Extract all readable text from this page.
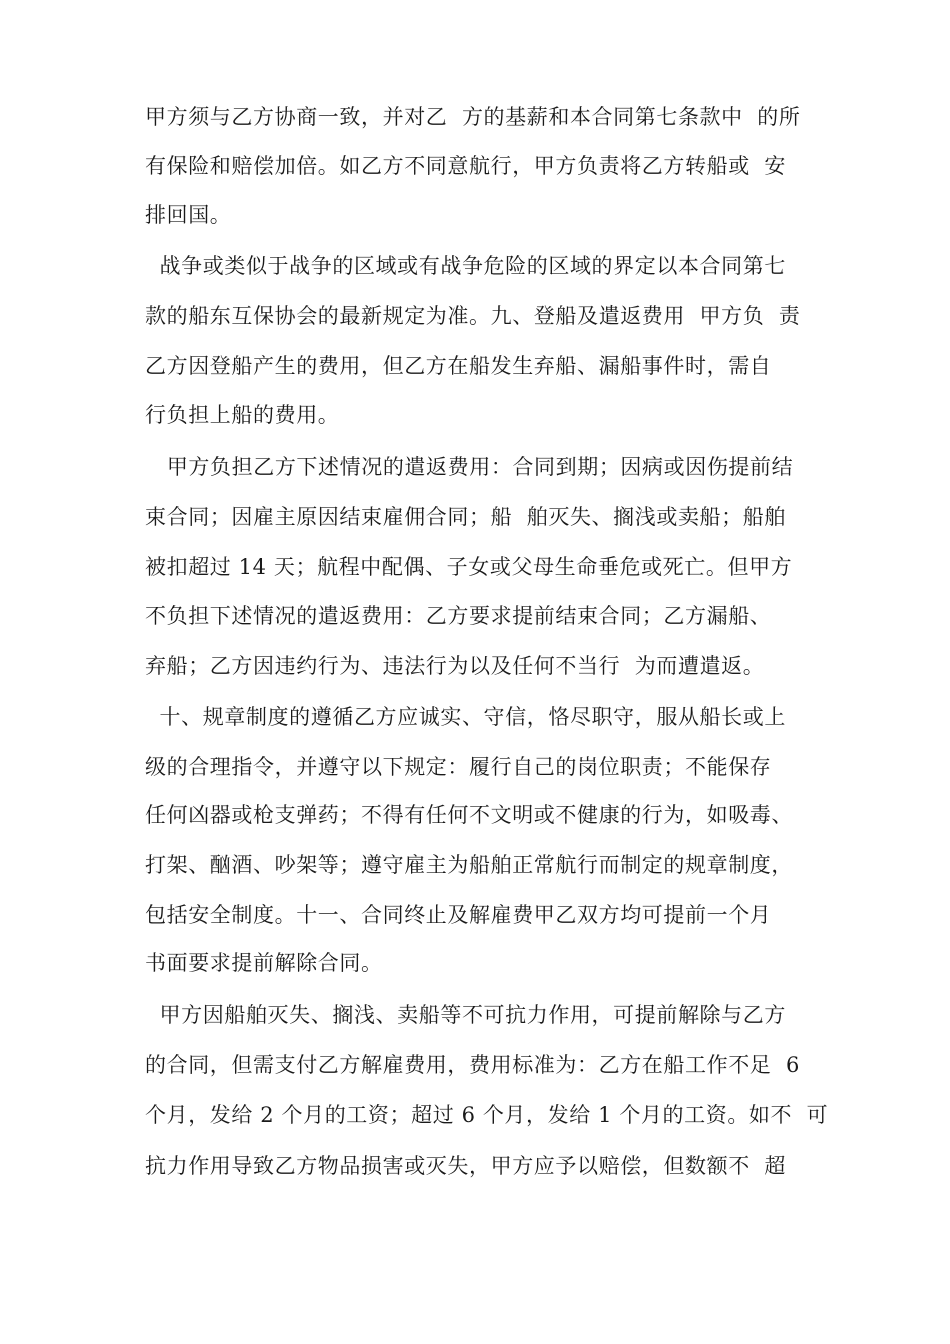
甲方须与乙方协商一致，并对乙  方的基薪和本合同第七条款中  的所

有保险和赔偿加倍。如乙方不同意航行，甲方负责将乙方转船或  安

排回国。

战争或类似于战争的区域或有战争危险的区域的界定以本合同第七

款的船东互保协会的最新规定为准。九、登船及遣返费用  甲方负  责

乙方因登船产生的费用，但乙方在船发生弃船、漏船事件时，需自

行负担上船的费用。

甲方负担乙方下述情况的遣返费用：合同到期；因病或因伤提前结

束合同；因雇主原因结束雇佣合同；船  舶灭失、搁浅或卖船；船舶

被扣超过 14 天；航程中配偶、子女或父母生命垂危或死亡。但甲方

不负担下述情况的遣返费用：乙方要求提前结束合同；乙方漏船、

弃船；乙方因违约行为、违法行为以及任何不当行  为而遭遣返。

十、规章制度的遵循乙方应诚实、守信，恪尽职守，服从船长或上

级的合理指令，并遵守以下规定：履行自己的岗位职责；不能保存

任何凶器或枪支弹药；不得有任何不文明或不健康的行为，如吸毒、

打架、酗酒、吵架等；遵守雇主为船舶正常航行而制定的规章制度，

包括安全制度。十一、合同终止及解雇费甲乙双方均可提前一个月

书面要求提前解除合同。

甲方因船舶灭失、搁浅、卖船等不可抗力作用，可提前解除与乙方

的合同，但需支付乙方解雇费用，费用标准为：乙方在船工作不足  6

个月，发给 2 个月的工资；超过 6 个月，发给 1 个月的工资。如不  可

抗力作用导致乙方物品损害或灭失，甲方应予以赔偿，但数额不  超
